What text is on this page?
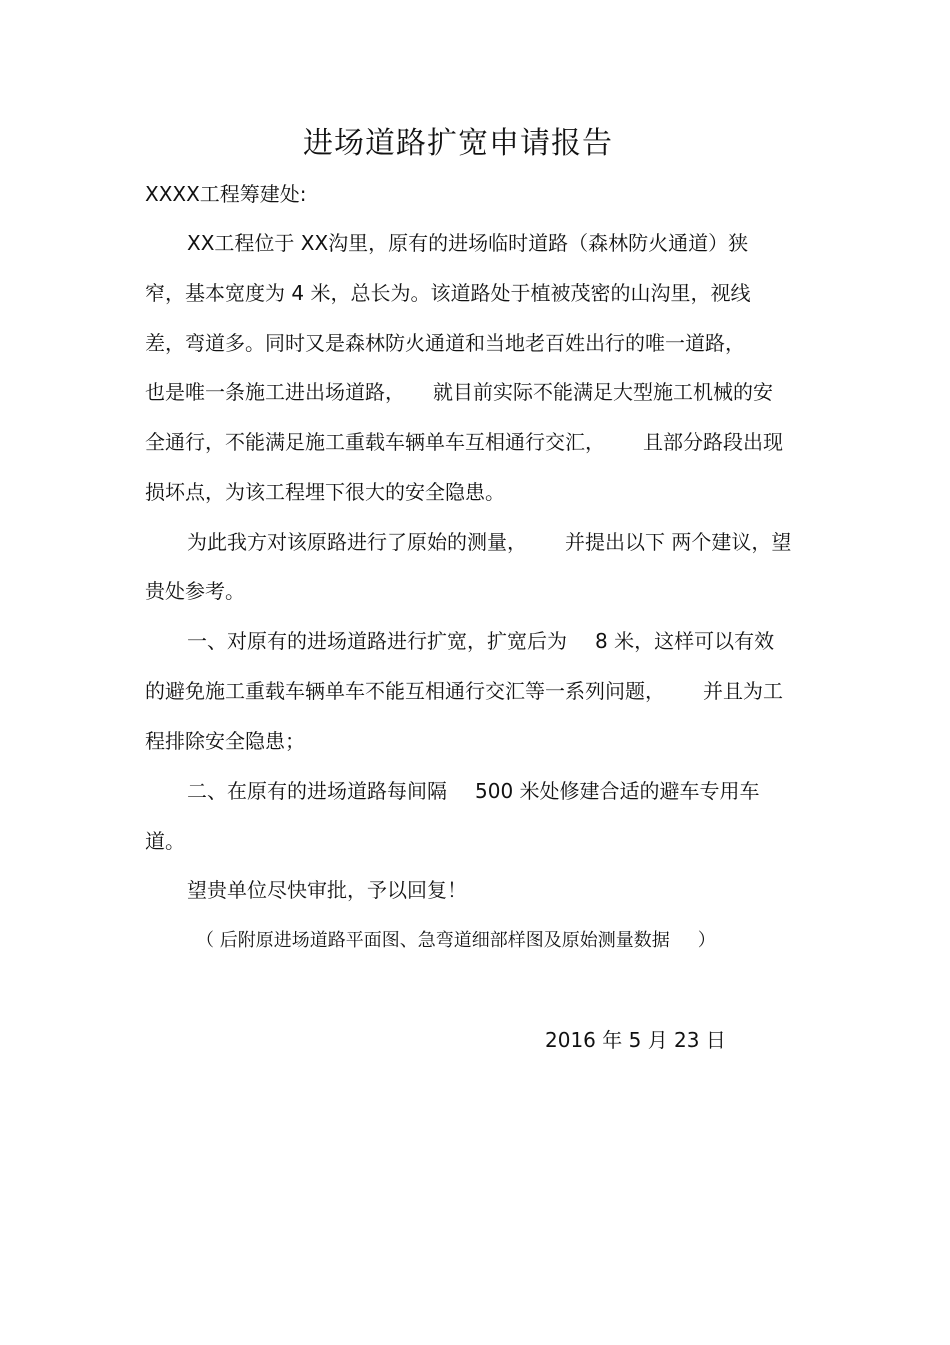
进场道路扩宽申请报告
XXXX工程筹建处:
XX工程位于 XX沟里，原有的进场临时道路（森林防火通道）狭
窄，基本宽度为 4 米，总长为。该道路处于植被茂密的山沟里，视线
差，弯道多。同时又是森林防火通道和当地老百姓出行的唯一道路，
也是唯一条施工进出场道路， 就目前实际不能满足大型施工机械的安
全通行，不能满足施工重载车辆单车互相通行交汇， 且部分路段出现
损坏点，为该工程埋下很大的安全隐患。
为此我方对该原路进行了原始的测量， 并提出以下 两个建议，望
贵处参考。
一、对原有的进场道路进行扩宽，扩宽后为 8 米，这样可以有效
的避免施工重载车辆单车不能互相通行交汇等一系列问题， 并且为工
程排除安全隐患；
二、在原有的进场道路每间隔 500 米处修建合适的避车专用车
道。
望贵单位尽快审批，予以回复！
（ 后附原进场道路平面图、急弯道细部样图及原始测量数据 ）
2016 年 5 月 23 日
